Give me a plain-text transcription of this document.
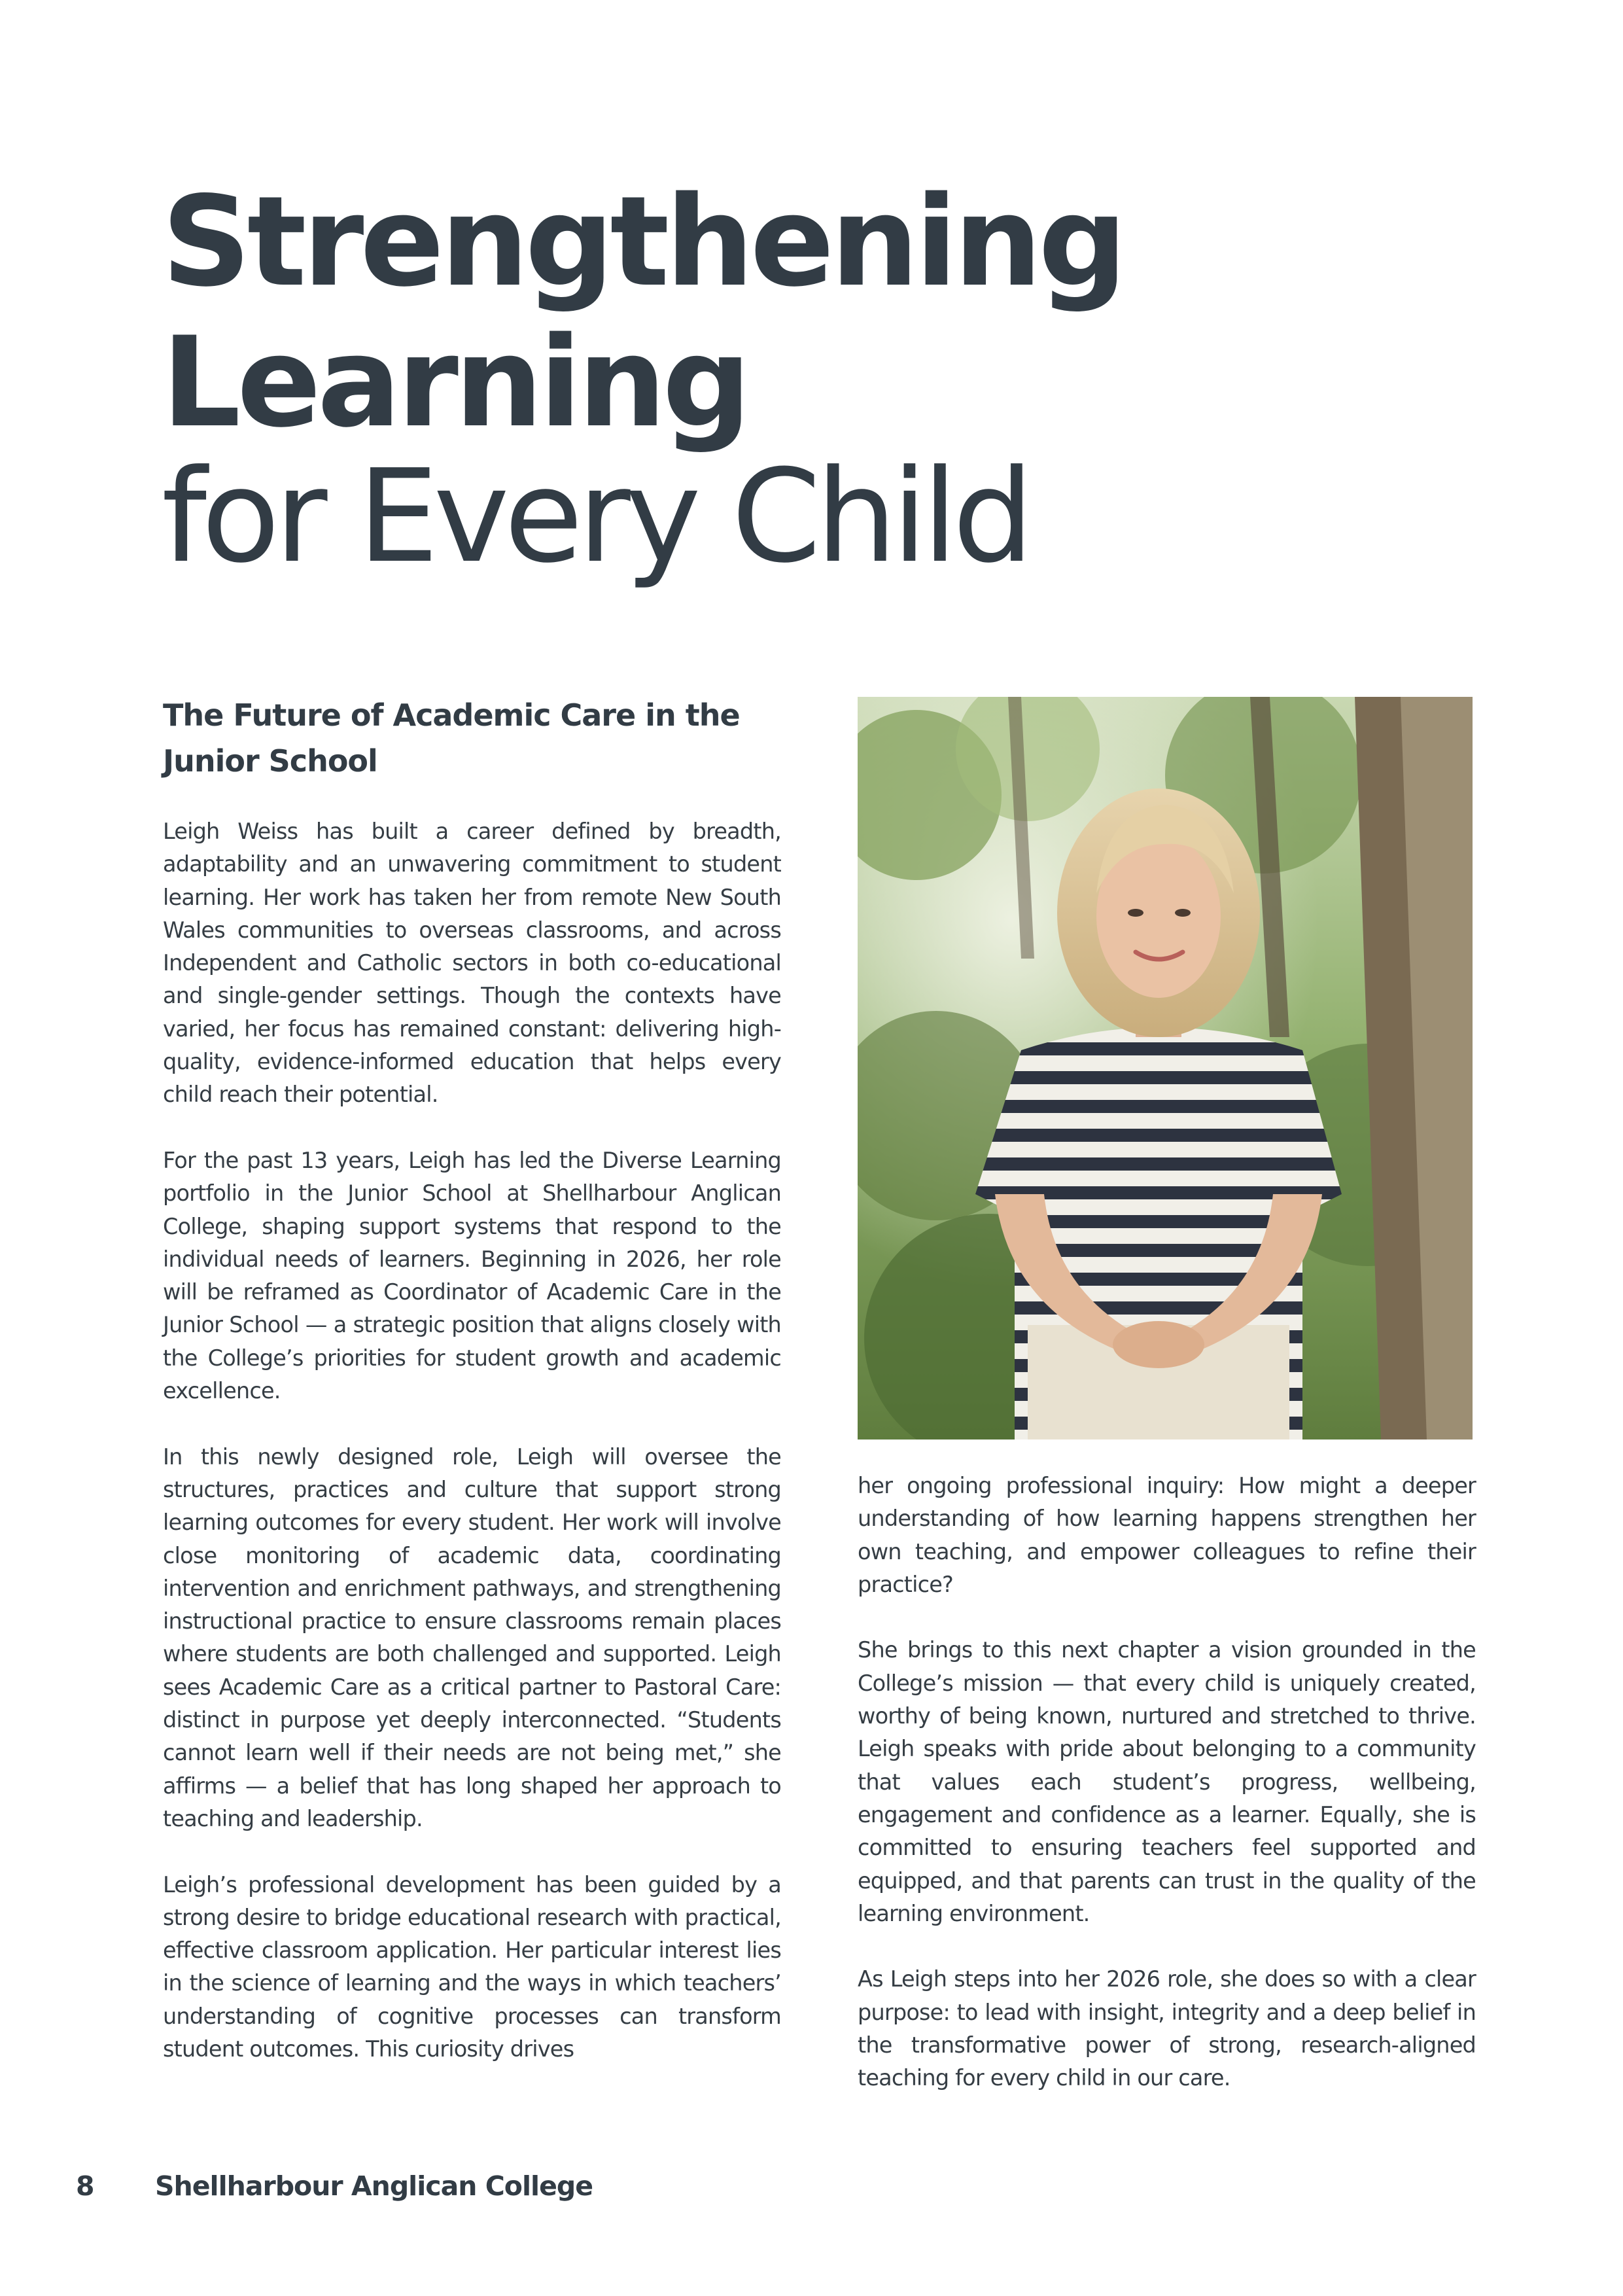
Strengthening
Learning
for Every Child
The Future of Academic Care in the Junior School

Leigh Weiss has built a career defined by breadth, adaptability and an unwavering commitment to student learning. Her work has taken her from remote New South Wales communities to overseas classrooms, and across Independent and Catholic sectors in both co-educational and single-gender settings. Though the contexts have varied, her focus has remained constant: delivering high-quality, evidence-informed education that helps every child reach their potential.

For the past 13 years, Leigh has led the Diverse Learning portfolio in the Junior School at Shellharbour Anglican College, shaping support systems that respond to the individual needs of learners. Beginning in 2026, her role will be reframed as Coordinator of Academic Care in the Junior School — a strategic position that aligns closely with the College’s priorities for student growth and academic excellence.

In this newly designed role, Leigh will oversee the structures, practices and culture that support strong learning outcomes for every student. Her work will involve close monitoring of academic data, coordinating intervention and enrichment pathways, and strengthening instructional practice to ensure classrooms remain places where students are both challenged and supported. Leigh sees Academic Care as a critical partner to Pastoral Care: distinct in purpose yet deeply interconnected. “Students cannot learn well if their needs are not being met,” she affirms — a belief that has long shaped her approach to teaching and leadership.

Leigh’s professional development has been guided by a strong desire to bridge educational research with practical, effective classroom application. Her particular interest lies in the science of learning and the ways in which teachers’ understanding of cognitive processes can transform student outcomes. This curiosity drives

her ongoing professional inquiry: How might a deeper understanding of how learning happens strengthen her own teaching, and empower colleagues to refine their practice?

She brings to this next chapter a vision grounded in the College’s mission — that every child is uniquely created, worthy of being known, nurtured and stretched to thrive. Leigh speaks with pride about belonging to a community that values each student’s progress, wellbeing, engagement and confidence as a learner. Equally, she is committed to ensuring teachers feel supported and equipped, and that parents can trust in the quality of the learning environment.

As Leigh steps into her 2026 role, she does so with a clear purpose: to lead with insight, integrity and a deep belief in the transformative power of strong, research-aligned teaching for every child in our care.

8 Shellharbour Anglican College
